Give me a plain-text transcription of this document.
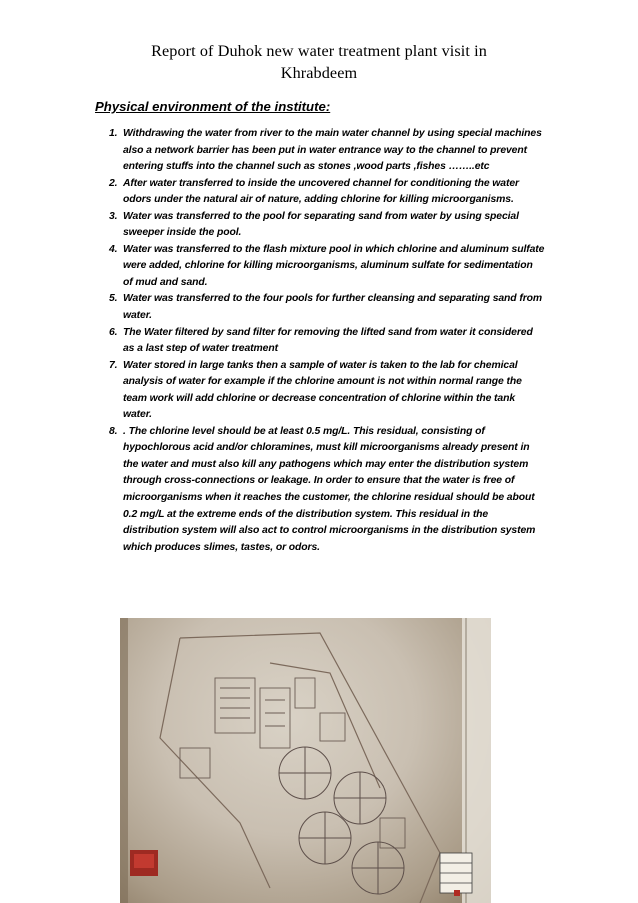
Report of Duhok new water treatment plant visit in
Khrabdeem
Physical environment of the institute:
1. Withdrawing the water from river to the main water channel by using special machines also a network barrier has been put in water entrance way to the channel to prevent entering stuffs into the channel such as stones ,wood parts ,fishes ……..etc
2. After water transferred to inside the uncovered channel for conditioning the water odors under the natural air of nature, adding chlorine for killing microorganisms.
3. Water was transferred to the pool for separating sand from water by using special sweeper inside the pool.
4. Water was transferred to the flash mixture pool in which chlorine and aluminum sulfate were added, chlorine for killing microorganisms, aluminum sulfate for sedimentation of mud and sand.
5. Water was transferred to the four pools for further cleansing and separating sand from water.
6. The Water filtered by sand filter for removing the lifted sand from water it considered as a last step of water treatment
7. Water stored in large tanks then a sample of water is taken to the lab for chemical analysis of water for example if the chlorine amount is not within normal range the team work will add chlorine or decrease concentration of chlorine within the tank water.
8. . The chlorine level should be at least 0.5 mg/L. This residual, consisting of hypochlorous acid and/or chloramines, must kill microorganisms already present in the water and must also kill any pathogens which may enter the distribution system through cross-connections or leakage. In order to ensure that the water is free of microorganisms when it reaches the customer, the chlorine residual should be about 0.2 mg/L at the extreme ends of the distribution system. This residual in the distribution system will also act to control microorganisms in the distribution system which produces slimes, tastes, or odors.
